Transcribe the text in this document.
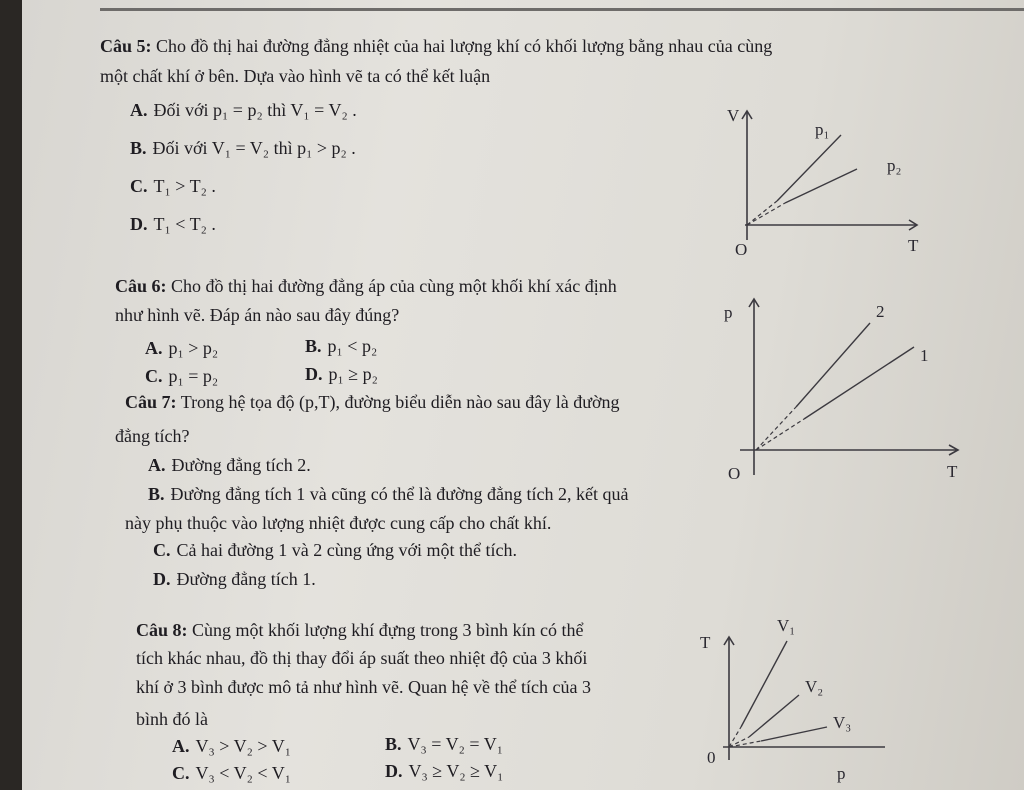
Câu 5: Cho đồ thị hai đường đẳng nhiệt của hai lượng khí có khối lượng bằng nhau của cùng
một chất khí ở bên. Dựa vào hình vẽ ta có thể kết luận
A. Đối với p₁ = p₂ thì V₁ = V₂ .
B. Đối với V₁ = V₂ thì p₁ > p₂ .
C. T₁ > T₂ .
D. T₁ < T₂ .
V
p₁
p₂
O	T
Câu 6: Cho đồ thị hai đường đẳng áp của cùng một khối khí xác định
như hình vẽ. Đáp án nào sau đây đúng?
A. p₁ > p₂	B. p₁ < p₂
C. p₁ = p₂	D. p₁ ≥ p₂
p	2
1
O	T
Câu 7: Trong hệ tọa độ (p,T), đường biểu diễn nào sau đây là đường
đẳng tích?
A. Đường đẳng tích 2.
B. Đường đẳng tích 1 và cũng có thể là đường đẳng tích 2, kết quả
này phụ thuộc vào lượng nhiệt được cung cấp cho chất khí.
C. Cả hai đường 1 và 2 cùng ứng với một thể tích.
D. Đường đẳng tích 1.
Câu 8: Cùng một khối lượng khí đựng trong 3 bình kín có thể
tích khác nhau, đồ thị thay đổi áp suất theo nhiệt độ của 3 khối
khí ở 3 bình được mô tả như hình vẽ. Quan hệ về thể tích của 3
bình đó là
A. V₃ > V₂ > V₁	B. V₃ = V₂ = V₁
C. V₃ < V₂ < V₁	D. V₃ ≥ V₂ ≥ V₁
T
V₁
V₂
V₃
0
p
